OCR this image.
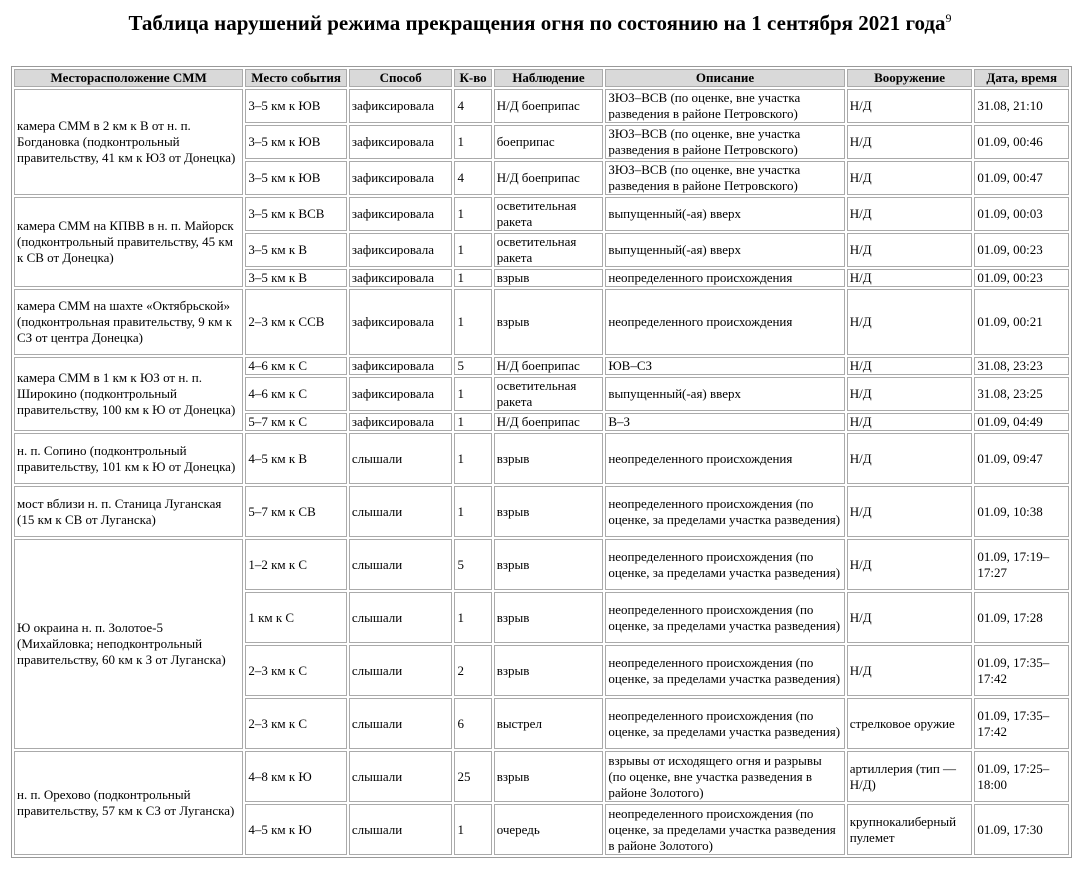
Таблица нарушений режима прекращения огня по состоянию на 1 сентября 2021 года$^9$
Месторасположение СММ	Место события	Способ	К-во	Наблюдение	Описание	Вооружение	Дата, время
камера СММ в 2 км к В от н. п. Богдановка (подконтрольный правительству, 41 км к ЮЗ от Донецка)	3–5 км к ЮВ	зафиксировала	4	Н/Д боеприпас	ЗЮЗ–ВСВ (по оценке, вне участка разведения в районе Петровского)	Н/Д	31.08, 21:10
	3–5 км к ЮВ	зафиксировала	1	боеприпас	ЗЮЗ–ВСВ (по оценке, вне участка разведения в районе Петровского)	Н/Д	01.09, 00:46
	3–5 км к ЮВ	зафиксировала	4	Н/Д боеприпас	ЗЮЗ–ВСВ (по оценке, вне участка разведения в районе Петровского)	Н/Д	01.09, 00:47
камера СММ на КПВВ в н. п. Майорск (подконтрольный правительству, 45 км к СВ от Донецка)	3–5 км к ВСВ	зафиксировала	1	осветительная ракета	выпущенный(-ая) вверх	Н/Д	01.09, 00:03
	3–5 км к В	зафиксировала	1	осветительная ракета	выпущенный(-ая) вверх	Н/Д	01.09, 00:23
	3–5 км к В	зафиксировала	1	взрыв	неопределенного происхождения	Н/Д	01.09, 00:23
камера СММ на шахте «Октябрьской» (подконтрольная правительству, 9 км к СЗ от центра Донецка)	2–3 км к ССВ	зафиксировала	1	взрыв	неопределенного происхождения	Н/Д	01.09, 00:21
камера СММ в 1 км к ЮЗ от н. п. Широкино (подконтрольный правительству, 100 км к Ю от Донецка)	4–6 км к С	зафиксировала	5	Н/Д боеприпас	ЮВ–СЗ	Н/Д	31.08, 23:23
	4–6 км к С	зафиксировала	1	осветительная ракета	выпущенный(-ая) вверх	Н/Д	31.08, 23:25
	5–7 км к С	зафиксировала	1	Н/Д боеприпас	В–З	Н/Д	01.09, 04:49
н. п. Сопино (подконтрольный правительству, 101 км к Ю от Донецка)	4–5 км к В	слышали	1	взрыв	неопределенного происхождения	Н/Д	01.09, 09:47
мост вблизи н. п. Станица Луганская (15 км к СВ от Луганска)	5–7 км к СВ	слышали	1	взрыв	неопределенного происхождения (по оценке, за пределами участка разведения)	Н/Д	01.09, 10:38
Ю окраина н. п. Золотое-5 (Михайловка; неподконтрольный правительству, 60 км к З от Луганска)	1–2 км к С	слышали	5	взрыв	неопределенного происхождения (по оценке, за пределами участка разведения)	Н/Д	01.09, 17:19–17:27
	1 км к С	слышали	1	взрыв	неопределенного происхождения (по оценке, за пределами участка разведения)	Н/Д	01.09, 17:28
	2–3 км к С	слышали	2	взрыв	неопределенного происхождения (по оценке, за пределами участка разведения)	Н/Д	01.09, 17:35–17:42
	2–3 км к С	слышали	6	выстрел	неопределенного происхождения (по оценке, за пределами участка разведения)	стрелковое оружие	01.09, 17:35–17:42
н. п. Орехово (подконтрольный правительству, 57 км к СЗ от Луганска)	4–8 км к Ю	слышали	25	взрыв	взрывы от исходящего огня и разрывы (по оценке, вне участка разведения в районе Золотого)	артиллерия (тип — Н/Д)	01.09, 17:25–18:00
	4–5 км к Ю	слышали	1	очередь	неопределенного происхождения (по оценке, за пределами участка разведения в районе Золотого)	крупнокалиберный пулемет	01.09, 17:30
